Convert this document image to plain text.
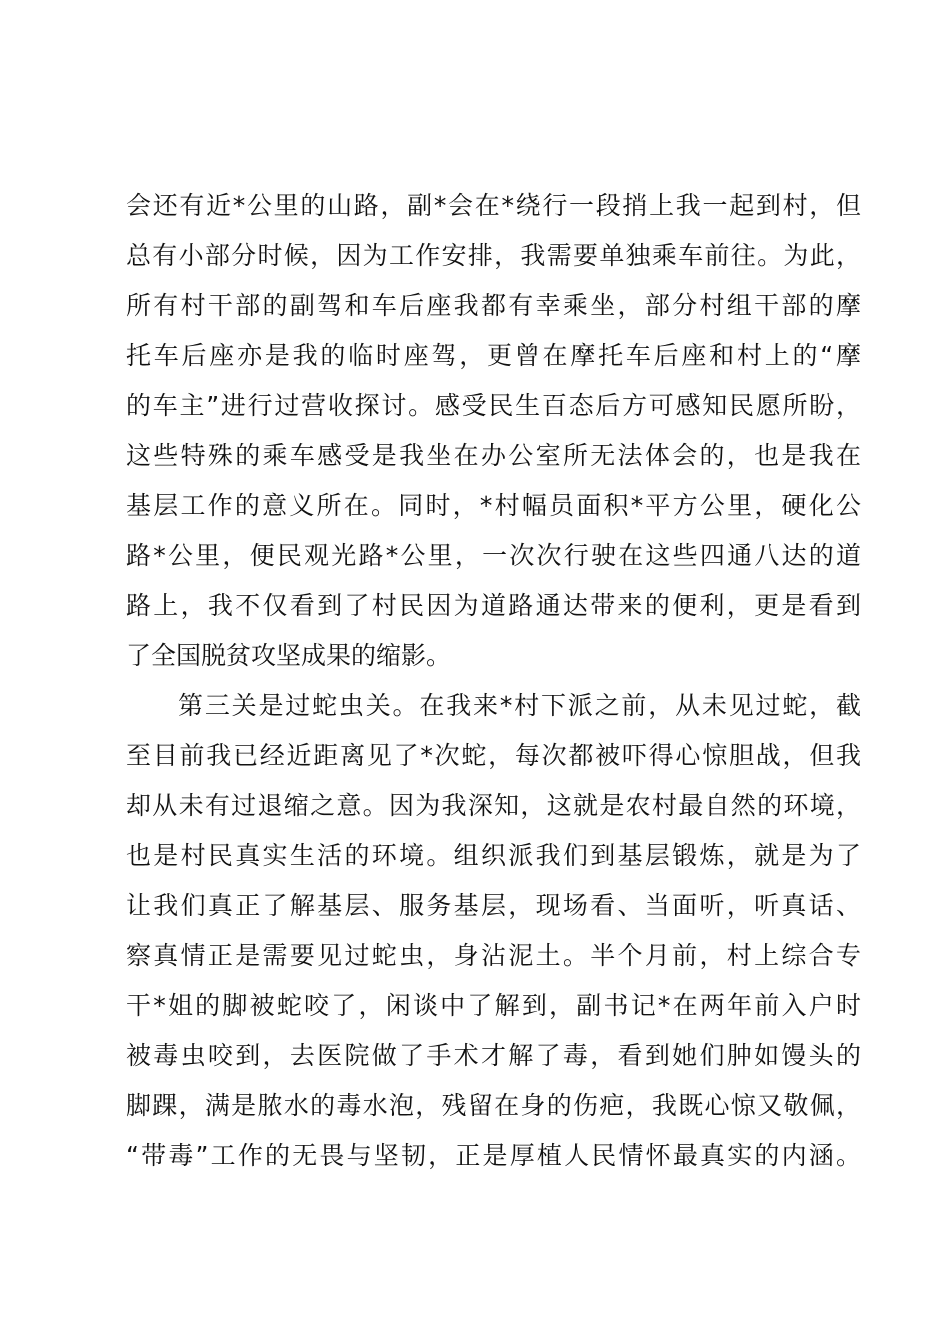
会还有近*公里的山路，副*会在*绕行一段捎上我一起到村，但
总有小部分时候，因为工作安排，我需要单独乘车前往。为此，
所有村干部的副驾和车后座我都有幸乘坐，部分村组干部的摩
托车后座亦是我的临时座驾，更曾在摩托车后座和村上的“摩
的车主”进行过营收探讨。感受民生百态后方可感知民愿所盼，
这些特殊的乘车感受是我坐在办公室所无法体会的，也是我在
基层工作的意义所在。同时，*村幅员面积*平方公里，硬化公
路*公里，便民观光路*公里，一次次行驶在这些四通八达的道
路上，我不仅看到了村民因为道路通达带来的便利，更是看到
了全国脱贫攻坚成果的缩影。
第三关是过蛇虫关。在我来*村下派之前，从未见过蛇，截
至目前我已经近距离见了*次蛇，每次都被吓得心惊胆战，但我
却从未有过退缩之意。因为我深知，这就是农村最自然的环境，
也是村民真实生活的环境。组织派我们到基层锻炼，就是为了
让我们真正了解基层、服务基层，现场看、当面听，听真话、
察真情正是需要见过蛇虫，身沾泥土。半个月前，村上综合专
干*姐的脚被蛇咬了，闲谈中了解到，副书记*在两年前入户时
被毒虫咬到，去医院做了手术才解了毒，看到她们肿如馒头的
脚踝，满是脓水的毒水泡，残留在身的伤疤，我既心惊又敬佩，
“带毒”工作的无畏与坚韧，正是厚植人民情怀最真实的内涵。
